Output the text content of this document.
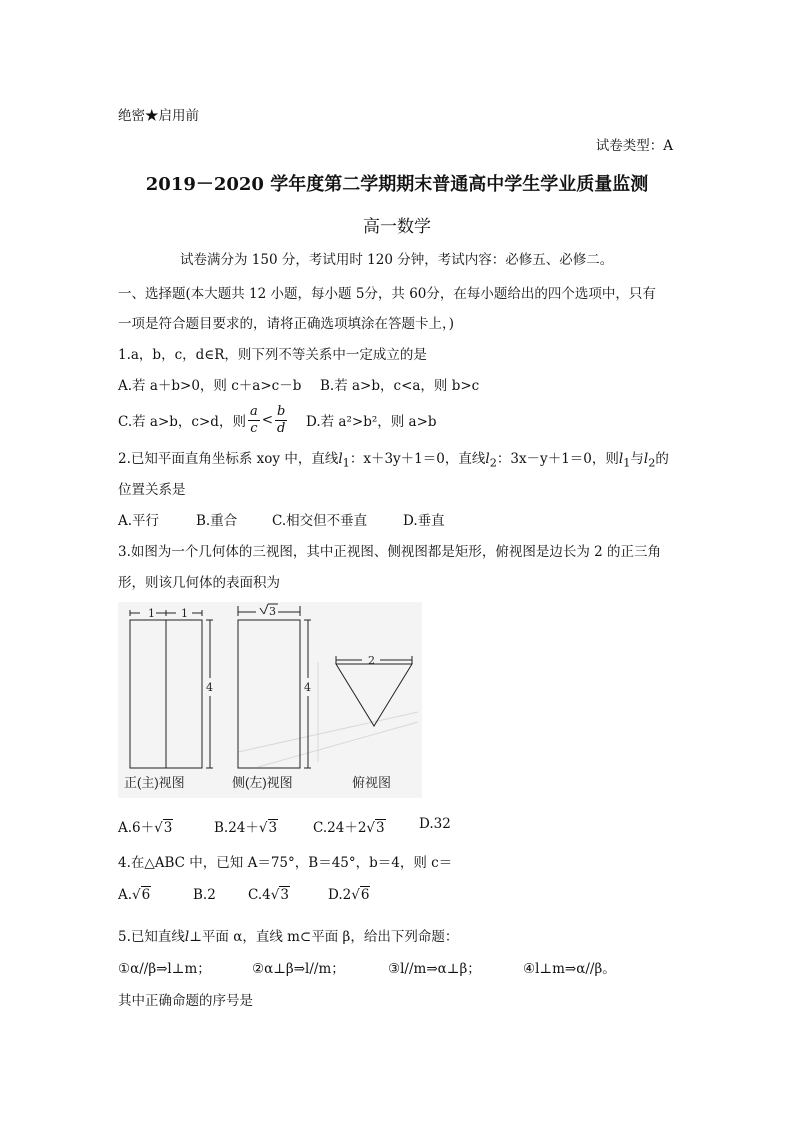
绝密★启用前
试卷类型：A
2019－2020 学年度第二学期期末普通高中学生学业质量监测
高一数学
试卷满分为 150 分，考试用时 120 分钟，考试内容：必修五、必修二。
一、选择题(本大题共 12 小题，每小题 5分，共 60分，在每小题给出的四个选项中，只有
一项是符合题目要求的，请将正确选项填涂在答题卡上，)
1.a，b，c，d∈R，则下列不等关系中一定成立的是
A.若 a＋b>0，则 c＋a>c－b B.若 a>b，c<a，则 b>c
C.若 a>b，c>d，则 $\frac{a}{c} < \frac{b}{d} D$.若 a²>b²，则 a>b
2.已知平面直角坐标系 xoy 中，直线$l_1$：x＋3y＋1＝0，直线$l_2$：3x－y＋1＝0，则$l_1$与$l_2$的
位置关系是
A.平行	B.重合	C.相交但不垂直	D.垂直
3.如图为一个几何体的三视图，其中正视图、侧视图都是矩形，俯视图是边长为 2 的正三角
形，则该几何体的表面积为
1 1
4
3
4
2
正(主)视图	侧(左)视图	俯视图
A.6＋√3	B.24＋√3	C.24＋2√3	D.32
4.在△ABC 中，已知 A＝75°，B＝45°，b＝4，则 c＝
A.√6	B.2 C.4√3	D.2√6
5.已知直线l⊥平面 α，直线 m⊂平面 β，给出下列命题：
①α//β⇒l⊥m；	②α⊥β⇒l//m；	③l//m⇒α⊥β；	④l⊥m⇒α//β。
其中正确命题的序号是
